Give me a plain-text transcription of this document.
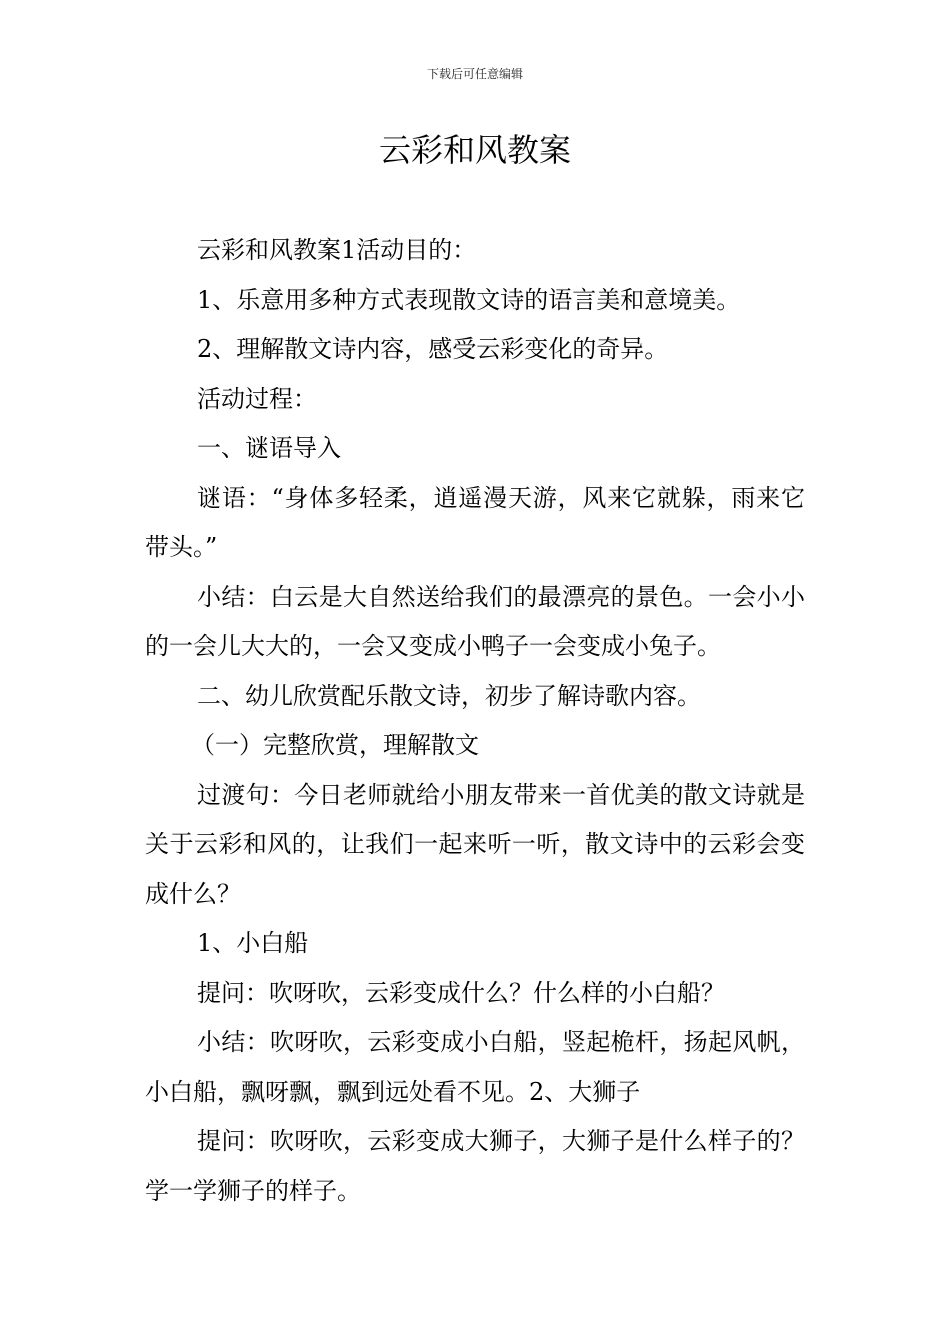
下载后可任意编辑
云彩和风教案

云彩和风教案1活动目的：

1、乐意用多种方式表现散文诗的语言美和意境美。

2、理解散文诗内容，感受云彩变化的奇异。

活动过程：

一、谜语导入

谜语：“身体多轻柔，逍遥漫天游，风来它就躲，雨来它带头。”

小结：白云是大自然送给我们的最漂亮的景色。一会小小的一会儿大大的，一会又变成小鸭子一会变成小兔子。

二、幼儿欣赏配乐散文诗，初步了解诗歌内容。

（一）完整欣赏，理解散文

过渡句：今日老师就给小朋友带来一首优美的散文诗就是关于云彩和风的，让我们一起来听一听，散文诗中的云彩会变成什么？

1、小白船

提问：吹呀吹，云彩变成什么？什么样的小白船？

小结：吹呀吹，云彩变成小白船，竖起桅杆，扬起风帆，小白船，飘呀飘，飘到远处看不见。2、大狮子

提问：吹呀吹，云彩变成大狮子，大狮子是什么样子的？学一学狮子的样子。
